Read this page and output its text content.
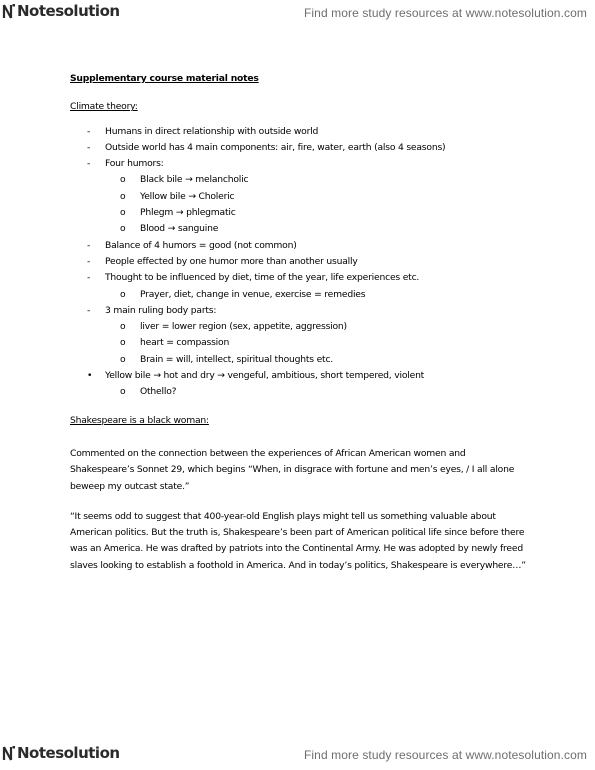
Notesolution	Find more study resources at www.notesolution.com
Supplementary course material notes
Climate theory:
- Humans in direct relationship with outside world
- Outside world has 4 main components: air, fire, water, earth (also 4 seasons)
- Four humors:
o Black bile → melancholic
o Yellow bile → Choleric
o Phlegm → phlegmatic
o Blood → sanguine
- Balance of 4 humors = good (not common)
- People effected by one humor more than another usually
- Thought to be influenced by diet, time of the year, life experiences etc.
o Prayer, diet, change in venue, exercise = remedies
- 3 main ruling body parts:
o liver = lower region (sex, appetite, aggression)
o heart = compassion
o Brain = will, intellect, spiritual thoughts etc.
• Yellow bile → hot and dry → vengeful, ambitious, short tempered, violent
o Othello?
Shakespeare is a black woman:
Commented on the connection between the experiences of African American women and Shakespeare’s Sonnet 29, which begins “When, in disgrace with fortune and men’s eyes, / I all alone beweep my outcast state.”
“It seems odd to suggest that 400-year-old English plays might tell us something valuable about American politics. But the truth is, Shakespeare’s been part of American political life since before there was an America. He was drafted by patriots into the Continental Army. He was adopted by newly freed slaves looking to establish a foothold in America. And in today’s politics, Shakespeare is everywhere…”
Notesolution	Find more study resources at www.notesolution.com
